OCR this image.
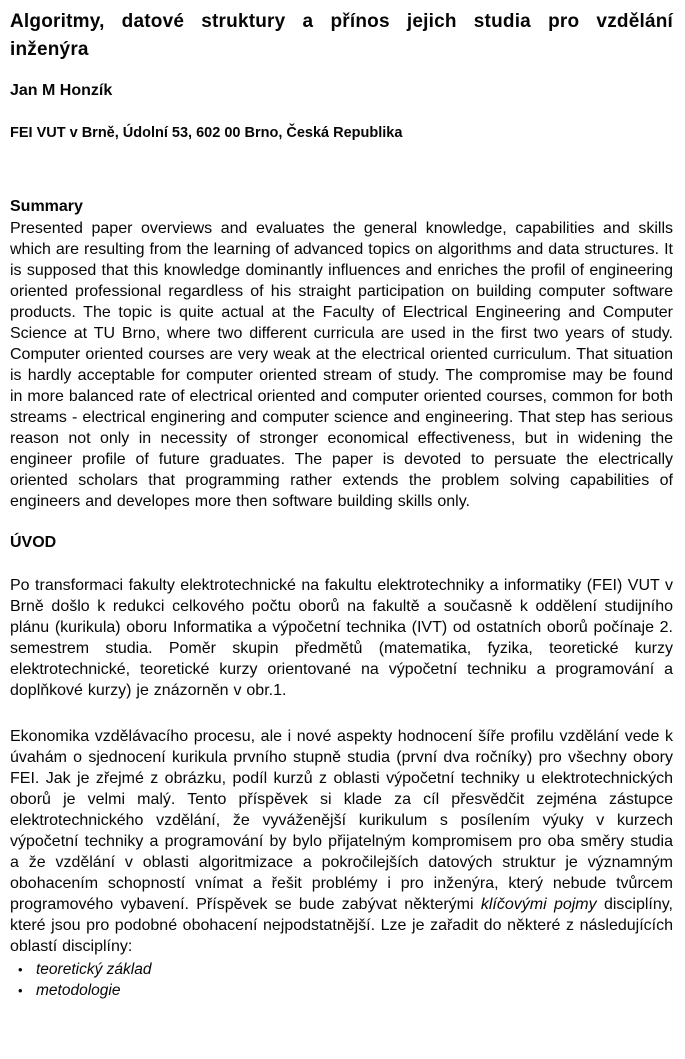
Algoritmy, datové struktury a přínos jejich studia pro vzdělání
inženýra

Jan M Honzík

FEI VUT v Brně, Údolní 53, 602 00 Brno, Česká Republika

Summary

Presented paper overviews and evaluates the general knowledge, capabilities and skills which are resulting from the learning of advanced topics on algorithms and data structures. It is supposed that this knowledge dominantly influences and enriches the profil of engineering oriented professional regardless of his straight participation on building computer software products. The topic is quite actual at the Faculty of Electrical Engineering and Computer Science at TU Brno, where two different curricula are used in the first two years of study. Computer oriented courses are very weak at the electrical oriented curriculum. That situation is hardly acceptable for computer oriented stream of study. The compromise may be found in more balanced rate of electrical oriented and computer oriented courses, common for both streams - electrical enginering and computer science and engineering. That step has serious reason not only in necessity of stronger economical effectiveness, but in widening the engineer profile of future graduates. The paper is devoted to persuate the electrically oriented scholars that programming rather extends the problem solving capabilities of engineers and developes more then software building skills only.

ÚVOD

Po transformaci fakulty elektrotechnické na fakultu elektrotechniky a informatiky (FEI) VUT v Brně došlo k redukci celkového počtu oborů na fakultě a současně k oddělení studijního plánu (kurikula) oboru Informatika a výpočetní technika (IVT) od ostatních oborů počínaje 2. semestrem studia. Poměr skupin předmětů (matematika, fyzika, teoretické kurzy elektrotechnické, teoretické kurzy orientované na výpočetní techniku a programování a doplňkové kurzy) je znázorněn v obr.1.

Ekonomika vzdělávacího procesu, ale i nové aspekty hodnocení šíře profilu vzdělání vede k úvahám o sjednocení kurikula prvního stupně studia (první dva ročníky) pro všechny obory FEI. Jak je zřejmé z obrázku, podíl kurzů z oblasti výpočetní techniky u elektrotechnických oborů je velmi malý. Tento příspěvek si klade za cíl přesvědčit zejména zástupce elektrotechnického vzdělání, že vyváženější kurikulum s posílením výuky v kurzech výpočetní techniky a programování by bylo přijatelným kompromisem pro oba směry studia a že vzdělání v oblasti algoritmizace a pokročilejších datových struktur je významným obohacením schopností vnímat a řešit problémy i pro inženýra, který nebude tvůrcem programového vybavení. Příspěvek se bude zabývat některými klíčovými pojmy disciplíny, které jsou pro podobné obohacení nejpodstatnější. Lze je zařadit do některé z následujících oblastí disciplíny:

• teoretický základ
• metodologie
